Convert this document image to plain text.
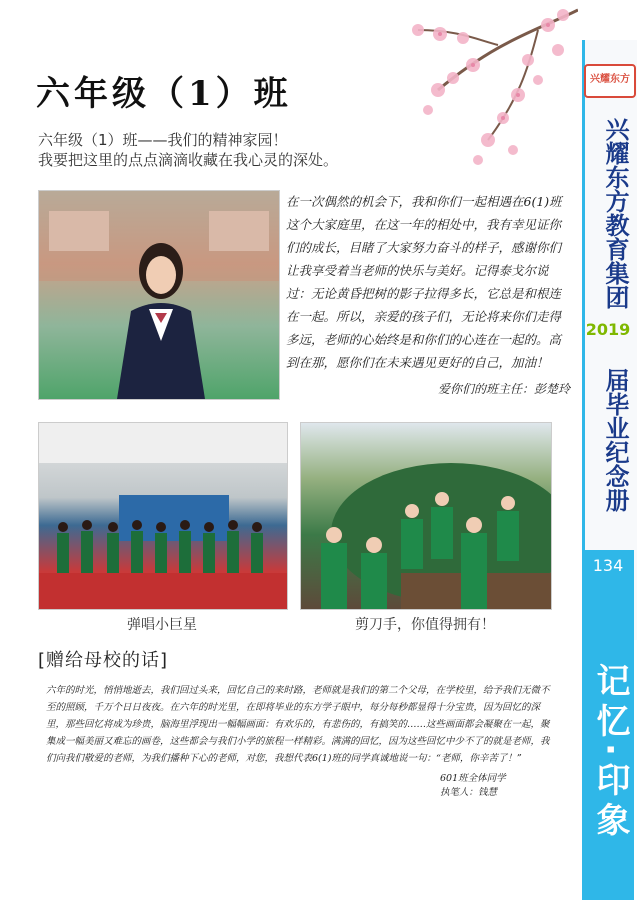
兴耀东方
兴耀东方教育集团
2019
届毕业纪念册
134
记忆·印象
六年级（1）班
六年级（1）班——我们的精神家园！
我要把这里的点点滴滴收藏在我心灵的深处。
在一次偶然的机会下，我和你们一起相遇在6(1)班这个大家庭里，在这一年的相处中，我有幸见证你们的成长，目睹了大家努力奋斗的样子，感谢你们让我享受着当老师的快乐与美好。记得泰戈尔说过：无论黄昏把树的影子拉得多长，它总是和根连在一起。所以，亲爱的孩子们，无论将来你们走得多远，老师的心始终是和你们的心连在一起的。高到在那，愿你们在未来遇见更好的自己，加油！
爱你们的班主任：彭楚玲
弹唱小巨星	剪刀手，你值得拥有！
[赠给母校的话]
六年的时光，悄悄地逝去，我们回过头来，回忆自己的来时路，老师就是我们的第二个父母，在学校里，给予我们无微不至的照顾，千万个日日夜夜。在六年的时光里，在即将毕业的东方学子眼中，每分每秒都显得十分宝贵，因为回忆的深里，那些回忆将成为珍贵，脑海里浮现出一幅幅画面：有欢乐的，有悲伤的，有搞笑的……这些画面都会凝聚在一起，聚集成一幅美丽又难忘的画卷，这些都会与我们小学的旅程一样精彩。满满的回忆，因为这些回忆中少不了的就是老师，我们向我们敬爱的老师，为我们播种下心的老师，对您，我想代表6(1)班的同学真诚地说一句：“老师，你辛苦了！”
601班全体同学
执笔人：钱慧
